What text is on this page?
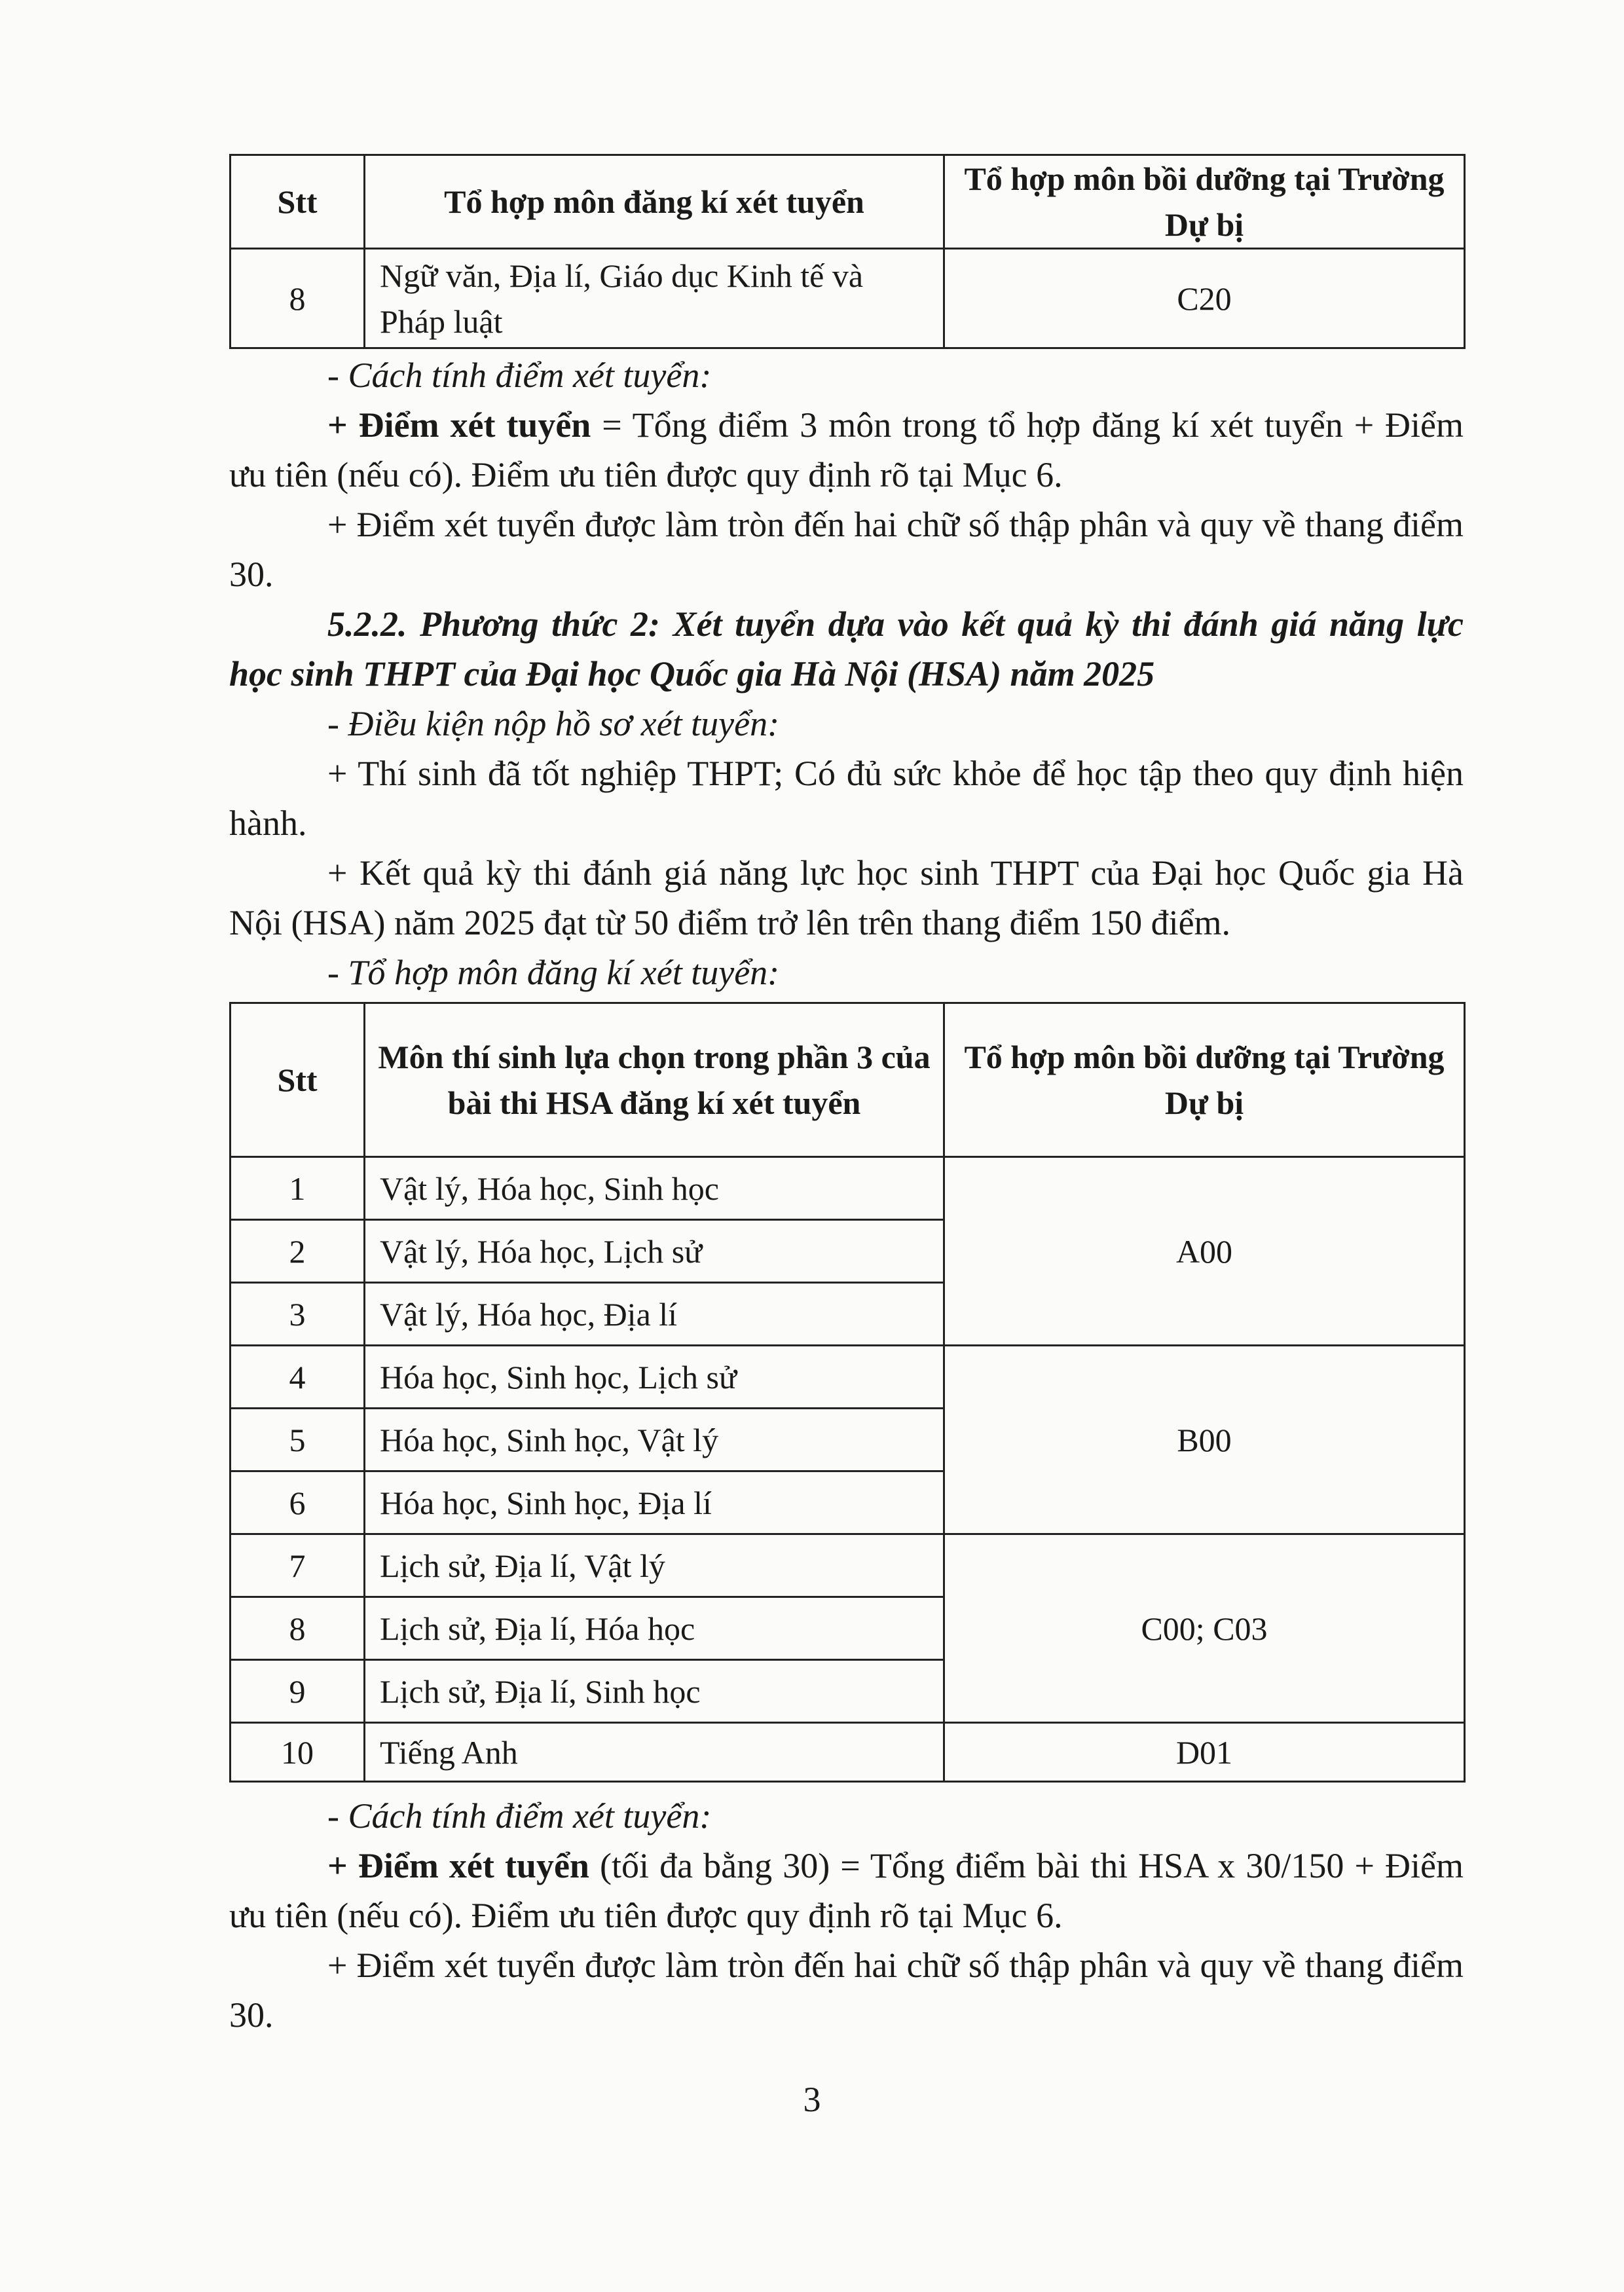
Stt	Tổ hợp môn đăng kí xét tuyển	Tổ hợp môn bồi dưỡng tại Trường Dự bị
8	Ngữ văn, Địa lí, Giáo dục Kinh tế và Pháp luật	C20

- Cách tính điểm xét tuyển:

+ Điểm xét tuyển = Tổng điểm 3 môn trong tổ hợp đăng kí xét tuyển + Điểm ưu tiên (nếu có). Điểm ưu tiên được quy định rõ tại Mục 6.

+ Điểm xét tuyển được làm tròn đến hai chữ số thập phân và quy về thang điểm 30.

5.2.2. Phương thức 2: Xét tuyển dựa vào kết quả kỳ thi đánh giá năng lực học sinh THPT của Đại học Quốc gia Hà Nội (HSA) năm 2025

- Điều kiện nộp hồ sơ xét tuyển:

+ Thí sinh đã tốt nghiệp THPT; Có đủ sức khỏe để học tập theo quy định hiện hành.

+ Kết quả kỳ thi đánh giá năng lực học sinh THPT của Đại học Quốc gia Hà Nội (HSA) năm 2025 đạt từ 50 điểm trở lên trên thang điểm 150 điểm.

- Tổ hợp môn đăng kí xét tuyển:

Stt	Môn thí sinh lựa chọn trong phần 3 của bài thi HSA đăng kí xét tuyển	Tổ hợp môn bồi dưỡng tại Trường Dự bị
1	Vật lý, Hóa học, Sinh học	A00
2	Vật lý, Hóa học, Lịch sử	
3	Vật lý, Hóa học, Địa lí	
4	Hóa học, Sinh học, Lịch sử	B00
5	Hóa học, Sinh học, Vật lý	
6	Hóa học, Sinh học, Địa lí	
7	Lịch sử, Địa lí, Vật lý	C00; C03
8	Lịch sử, Địa lí, Hóa học	
9	Lịch sử, Địa lí, Sinh học	
10	Tiếng Anh	D01

- Cách tính điểm xét tuyển:

+ Điểm xét tuyển (tối đa bằng 30) = Tổng điểm bài thi HSA x 30/150 + Điểm ưu tiên (nếu có). Điểm ưu tiên được quy định rõ tại Mục 6.

+ Điểm xét tuyển được làm tròn đến hai chữ số thập phân và quy về thang điểm 30.

3
